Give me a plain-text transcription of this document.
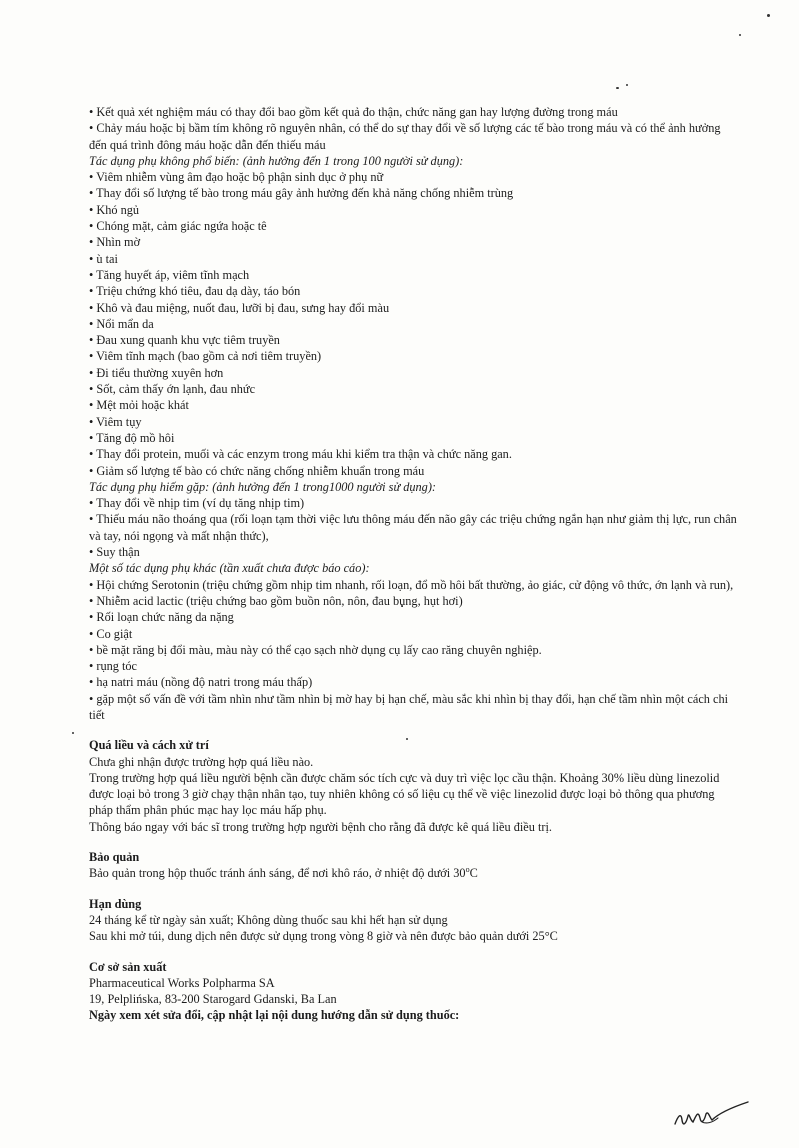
• Kết quả xét nghiệm máu có thay đổi bao gồm kết quả đo thận, chức năng gan hay lượng đường trong máu
• Chảy máu hoặc bị bầm tím không rõ nguyên nhân, có thể do sự thay đổi về số lượng các tế bào trong máu và có thể ảnh hưởng đến quá trình đông máu hoặc dẫn đến thiếu máu
Tác dụng phụ không phổ biến: (ảnh hưởng đến 1 trong 100 người sử dụng):
• Viêm nhiễm vùng âm đạo hoặc bộ phận sinh dục ở phụ nữ
• Thay đổi số lượng tế bào trong máu gây ảnh hưởng đến khả năng chống nhiễm trùng
• Khó ngủ
• Chóng mặt, cảm giác ngứa hoặc tê
• Nhìn mờ
• ù tai
• Tăng huyết áp, viêm tĩnh mạch
• Triệu chứng khó tiêu, đau dạ dày, táo bón
• Khô và đau miệng, nuốt đau, lưỡi bị đau, sưng hay đổi màu
• Nổi mẩn da
• Đau xung quanh khu vực tiêm truyền
• Viêm tĩnh mạch (bao gồm cả nơi tiêm truyền)
• Đi tiểu thường xuyên hơn
• Sốt, cảm thấy ớn lạnh, đau nhức
• Mệt mỏi hoặc khát
• Viêm tụy
• Tăng độ mồ hôi
• Thay đổi protein, muối và các enzym trong máu khi kiểm tra thận và chức năng gan.
• Giảm số lượng tế bào có chức năng chống nhiễm khuẩn trong máu
Tác dụng phụ hiếm gặp: (ảnh hưởng đến 1 trong1000 người sử dụng):
• Thay đổi về nhịp tim (ví dụ tăng nhịp tim)
• Thiếu máu não thoáng qua (rối loạn tạm thời việc lưu thông máu đến não gây các triệu chứng ngắn hạn như giảm thị lực, run chân và tay, nói ngọng và mất nhận thức),
• Suy thận
Một số tác dụng phụ khác (tần xuất chưa được báo cáo):
• Hội chứng Serotonin (triệu chứng gồm nhịp tim nhanh, rối loạn, đổ mồ hôi bất thường, ảo giác, cử động vô thức, ớn lạnh và run),
• Nhiễm acid lactic (triệu chứng bao gồm buồn nôn, nôn, đau bụng, hụt hơi)
• Rối loạn chức năng da nặng
• Co giật
• bề mặt răng bị đổi màu, màu này có thể cạo sạch nhờ dụng cụ lấy cao răng chuyên nghiệp.
• rụng tóc
• hạ natri máu (nồng độ natri trong máu thấp)
• gặp một số vấn đề với tầm nhìn như tầm nhìn bị mờ hay bị hạn chế, màu sắc khi nhìn bị thay đổi, hạn chế tầm nhìn một cách chi tiết
Quá liều và cách xử trí
Chưa ghi nhận được trường hợp quá liều nào.
Trong trường hợp quá liều người bệnh cần được chăm sóc tích cực và duy trì việc lọc cầu thận. Khoảng 30% liều dùng linezolid được loại bỏ trong 3 giờ chạy thận nhân tạo, tuy nhiên không có số liệu cụ thể về việc linezolid được loại bỏ thông qua phương pháp thẩm phân phúc mạc hay lọc máu hấp phụ.
Thông báo ngay với bác sĩ trong trường hợp người bệnh cho rằng đã được kê quá liều điều trị.
Bảo quản
Bảo quản trong hộp thuốc tránh ánh sáng, để nơi khô ráo, ở nhiệt độ dưới 30$^o$C
Hạn dùng
24 tháng kể từ ngày sản xuất; Không dùng thuốc sau khi hết hạn sử dụng
Sau khi mở túi, dung dịch nên được sử dụng trong vòng 8 giờ và nên được bảo quản dưới 25°C
Cơ sở sản xuất
Pharmaceutical Works Polpharma SA
19, Pelplińska, 83-200 Starogard Gdanski, Ba Lan
Ngày xem xét sửa đổi, cập nhật lại nội dung hướng dẫn sử dụng thuốc:
